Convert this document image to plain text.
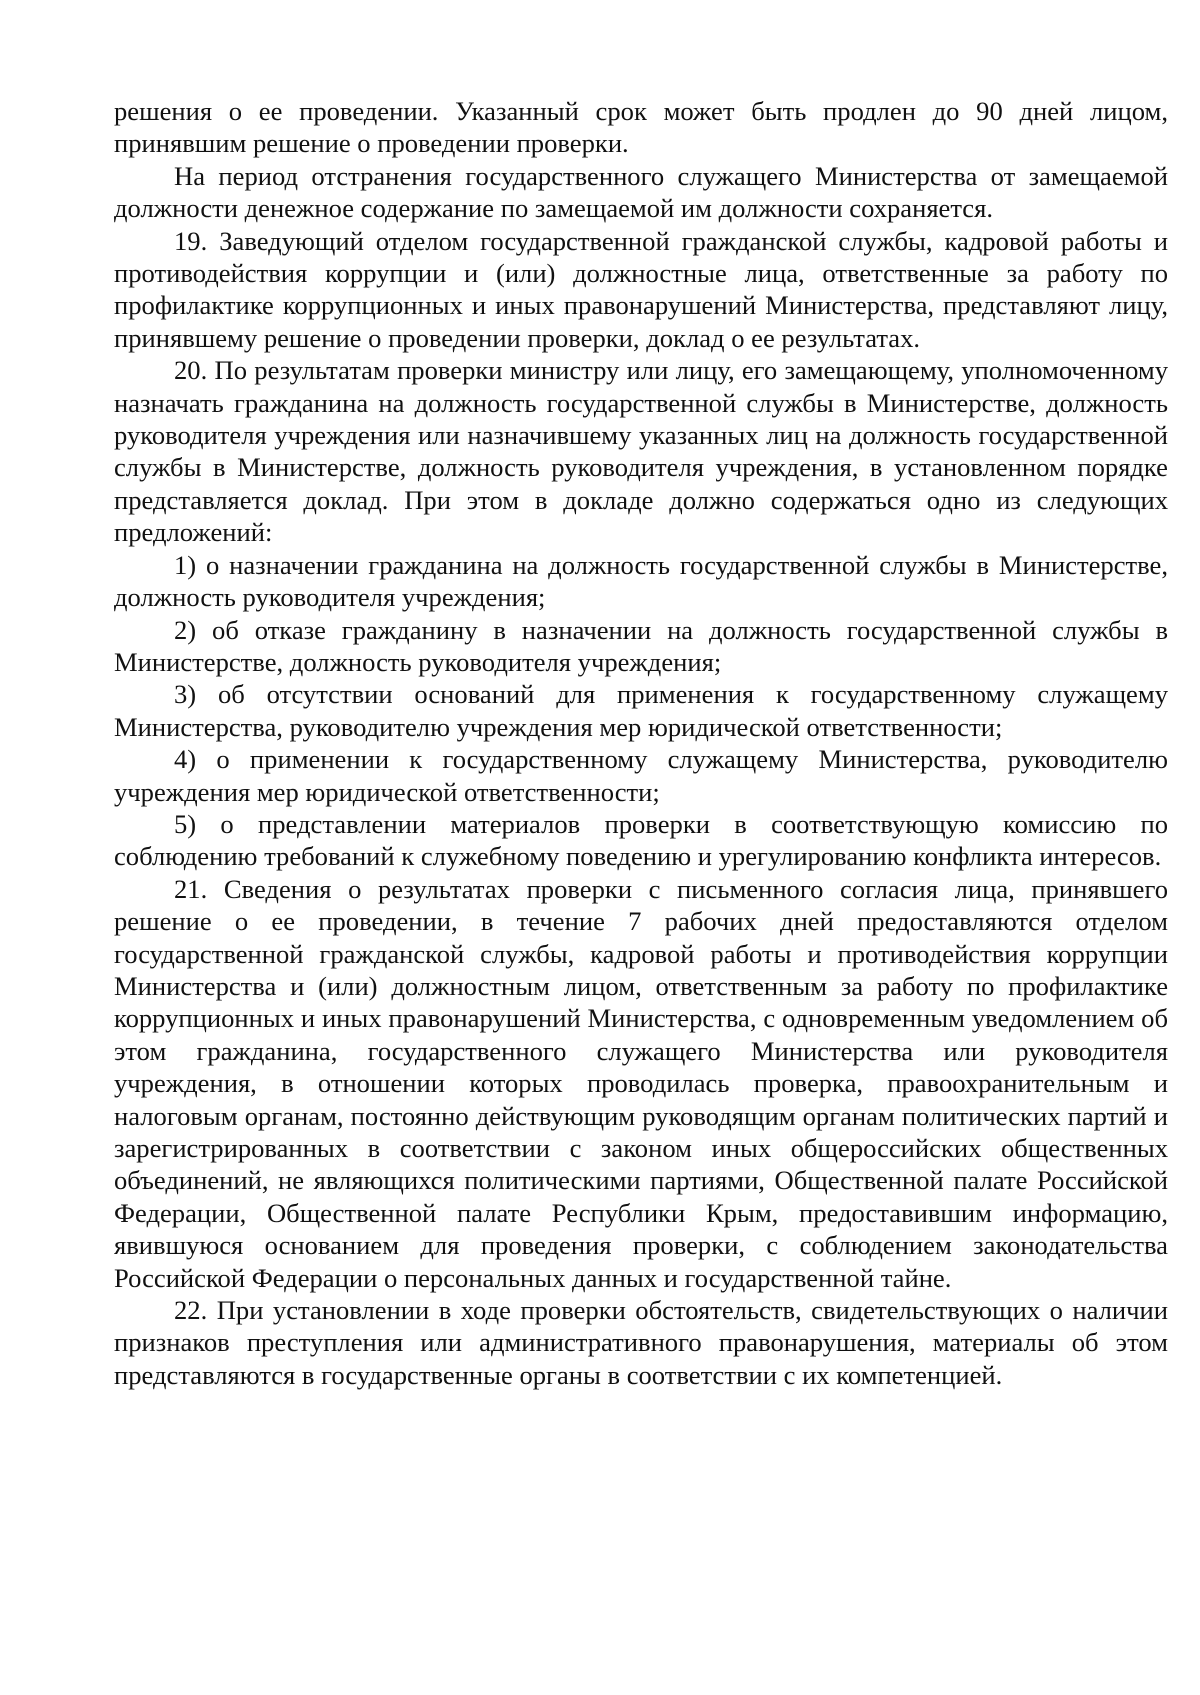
решения о ее проведении. Указанный срок может быть продлен до 90 дней лицом, принявшим решение о проведении проверки.

На период отстранения государственного служащего Министерства от замещаемой должности денежное содержание по замещаемой им должности сохраняется.

19. Заведующий отделом государственной гражданской службы, кадровой работы и противодействия коррупции и (или) должностные лица, ответственные за работу по профилактике коррупционных и иных правонарушений Министерства, представляют лицу, принявшему решение о проведении проверки, доклад о ее результатах.

20. По результатам проверки министру или лицу, его замещающему, уполномоченному назначать гражданина на должность государственной службы в Министерстве, должность руководителя учреждения или назначившему указанных лиц на должность государственной службы в Министерстве, должность руководителя учреждения, в установленном порядке представляется доклад. При этом в докладе должно содержаться одно из следующих предложений:

1) о назначении гражданина на должность государственной службы в Министерстве, должность руководителя учреждения;

2) об отказе гражданину в назначении на должность государственной службы в Министерстве, должность руководителя учреждения;

3) об отсутствии оснований для применения к государственному служащему Министерства, руководителю учреждения мер юридической ответственности;

4) о применении к государственному служащему Министерства, руководителю учреждения мер юридической ответственности;

5) о представлении материалов проверки в соответствующую комиссию по соблюдению требований к служебному поведению и урегулированию конфликта интересов.

21. Сведения о результатах проверки с письменного согласия лица, принявшего решение о ее проведении, в течение 7 рабочих дней предоставляются отделом государственной гражданской службы, кадровой работы и противодействия коррупции Министерства и (или) должностным лицом, ответственным за работу по профилактике коррупционных и иных правонарушений Министерства, с одновременным уведомлением об этом гражданина, государственного служащего Министерства или руководителя учреждения, в отношении которых проводилась проверка, правоохранительным и налоговым органам, постоянно действующим руководящим органам политических партий и зарегистрированных в соответствии с законом иных общероссийских общественных объединений, не являющихся политическими партиями, Общественной палате Российской Федерации, Общественной палате Республики Крым, предоставившим информацию, явившуюся основанием для проведения проверки, с соблюдением законодательства Российской Федерации о персональных данных и государственной тайне.

22. При установлении в ходе проверки обстоятельств, свидетельствующих о наличии признаков преступления или административного правонарушения, материалы об этом представляются в государственные органы в соответствии с их компетенцией.
